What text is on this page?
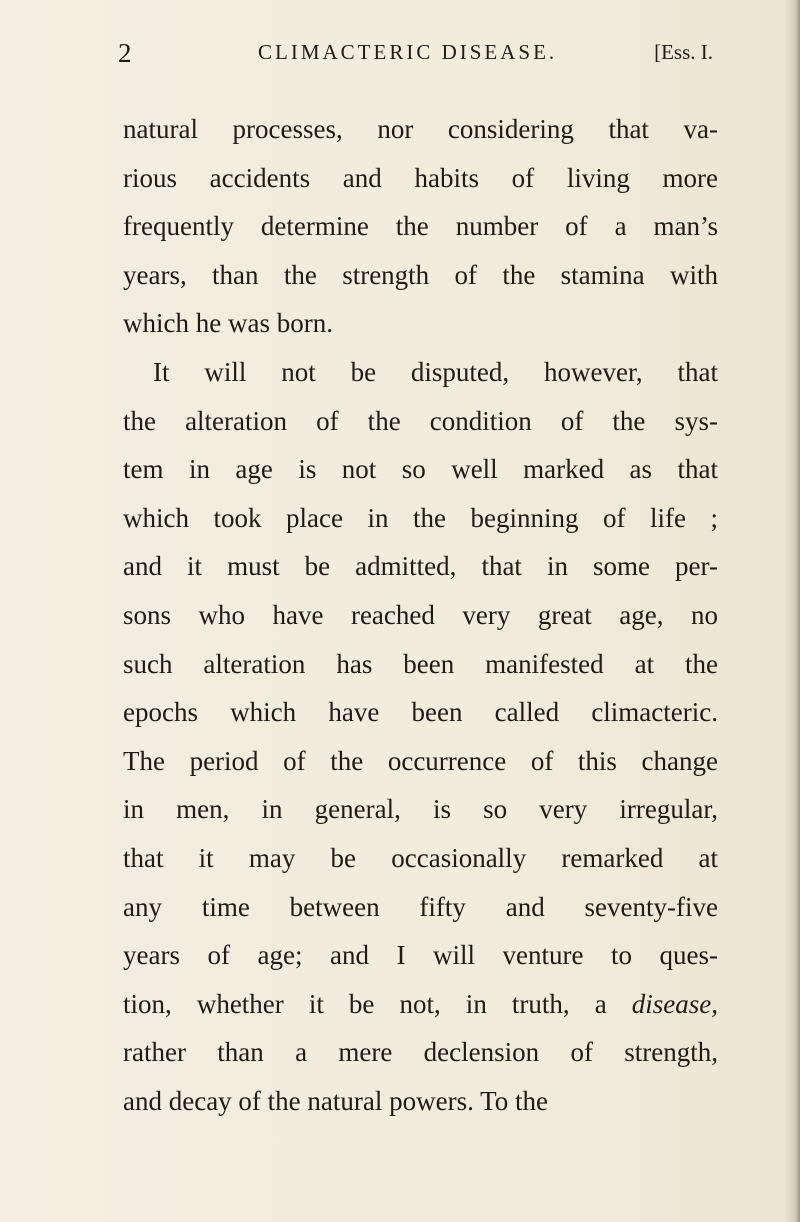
2	CLIMACTERIC DISEASE.	[Ess. I.
natural processes, nor considering that va-
rious accidents and habits of living more
frequently determine the number of a man’s
years, than the strength of the stamina with
which he was born.
It will not be disputed, however, that
the alteration of the condition of the sys-
tem in age is not so well marked as that
which took place in the beginning of life ;
and it must be admitted, that in some per-
sons who have reached very great age, no
such alteration has been manifested at the
epochs which have been called climacteric.
The period of the occurrence of this change
in men, in general, is so very irregular,
that it may be occasionally remarked at
any time between fifty and seventy-five
years of age; and I will venture to ques-
tion, whether it be not, in truth, a disease,
rather than a mere declension of strength,
and decay of the natural powers. To the
